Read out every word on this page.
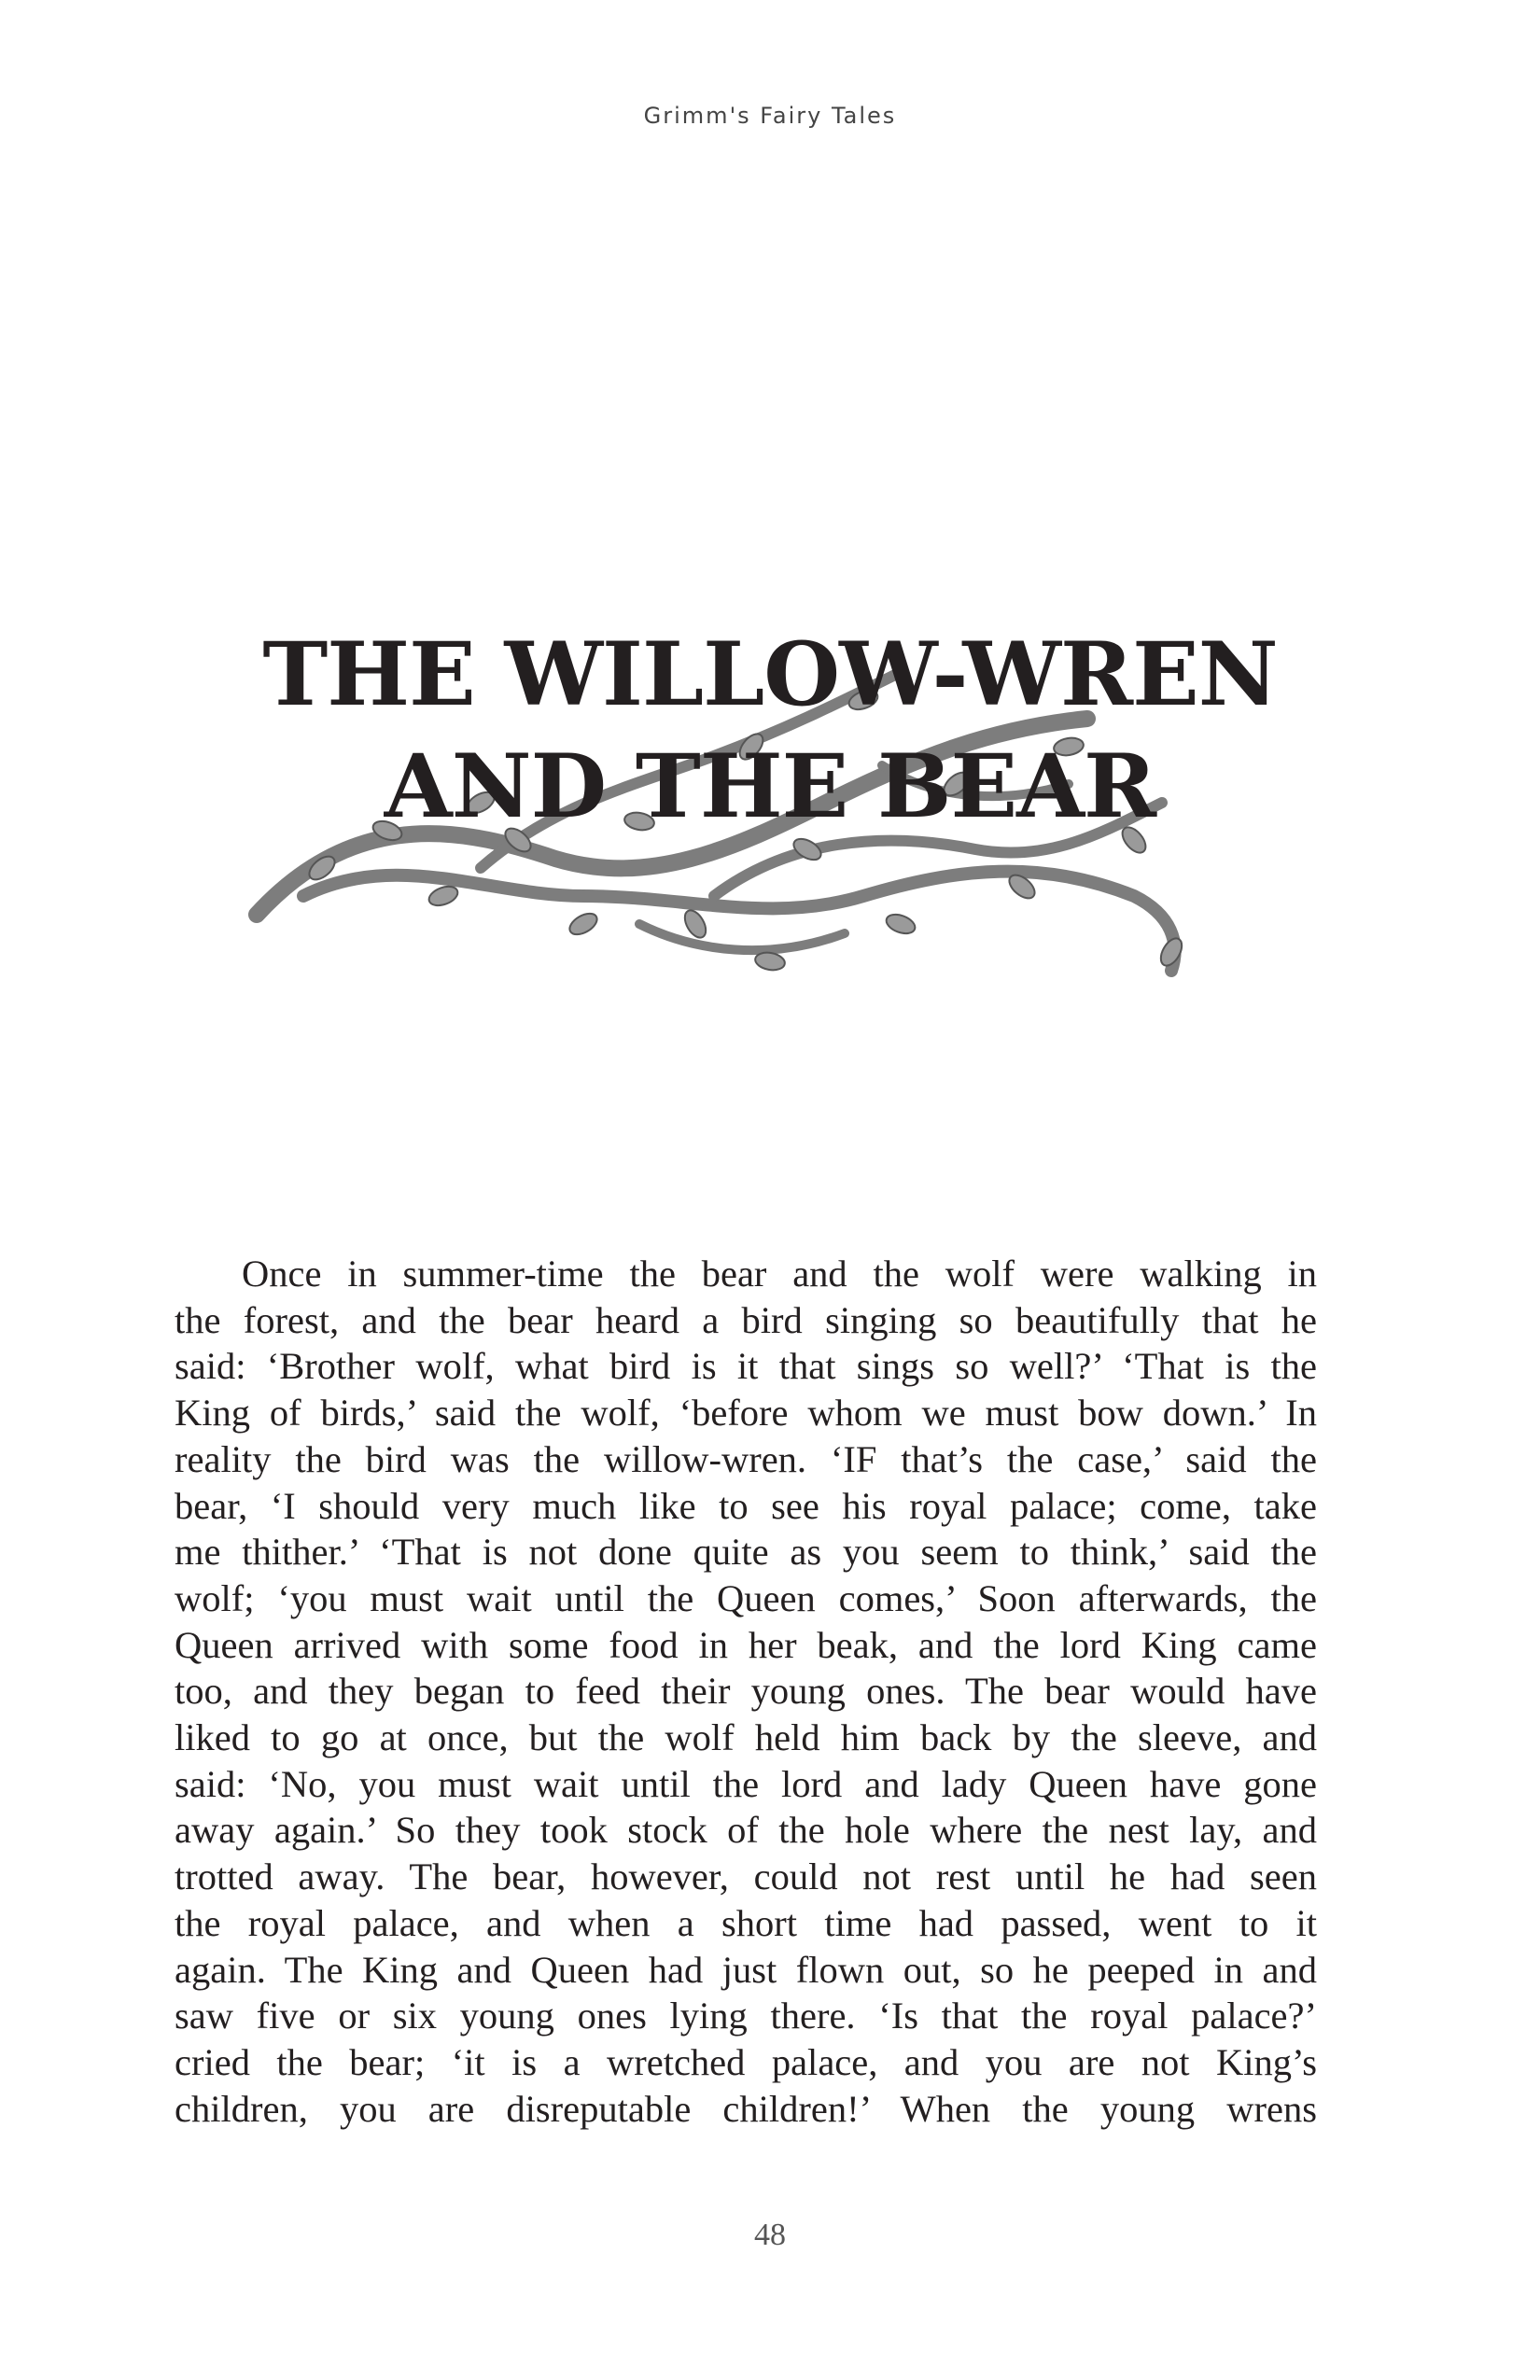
Grimm's Fairy Tales
THE WILLOW-WREN
AND THE BEAR
Once in summer-time the bear and the wolf were walking in
the forest, and the bear heard a bird singing so beautifully that he
said: ‘Brother wolf, what bird is it that sings so well?’ ‘That is the
King of birds,’ said the wolf, ‘before whom we must bow down.’ In
reality the bird was the willow-wren. ‘IF that’s the case,’ said the
bear, ‘I should very much like to see his royal palace; come, take
me thither.’ ‘That is not done quite as you seem to think,’ said the
wolf; ‘you must wait until the Queen comes,’ Soon afterwards, the
Queen arrived with some food in her beak, and the lord King came
too, and they began to feed their young ones. The bear would have
liked to go at once, but the wolf held him back by the sleeve, and
said: ‘No, you must wait until the lord and lady Queen have gone
away again.’ So they took stock of the hole where the nest lay, and
trotted away. The bear, however, could not rest until he had seen
the royal palace, and when a short time had passed, went to it
again. The King and Queen had just flown out, so he peeped in and
saw five or six young ones lying there. ‘Is that the royal palace?’
cried the bear; ‘it is a wretched palace, and you are not King’s
children, you are disreputable children!’ When the young wrens
48
